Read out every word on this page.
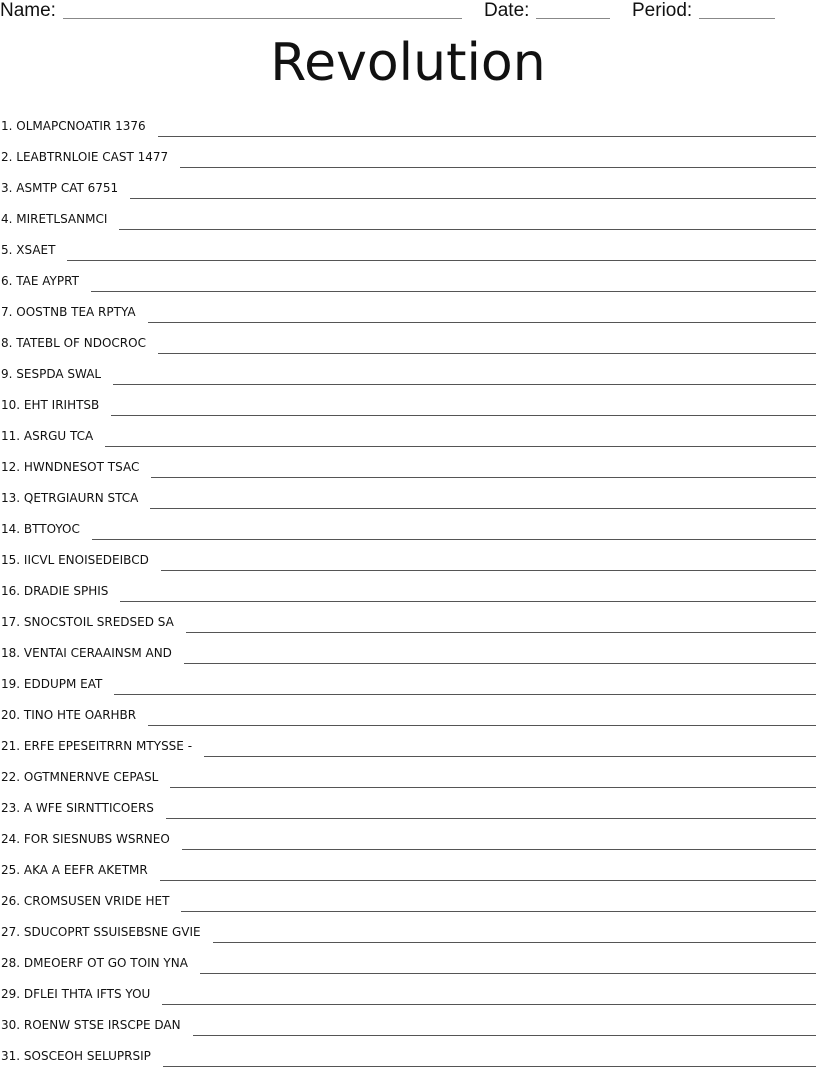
Name:	Date:	Period:
Revolution
1. OLMAPCNOATIR 1376
2. LEABTRNLOIE CAST 1477
3. ASMTP CAT 6751
4. MIRETLSANMCI
5. XSAET
6. TAE AYPRT
7. OOSTNB TEA RPTYA
8. TATEBL OF NDOCROC
9. SESPDA SWAL
10. EHT IRIHTSB
11. ASRGU TCA
12. HWNDNESOT TSAC
13. QETRGIAURN STCA
14. BTTOYOC
15. IICVL ENOISEDEIBCD
16. DRADIE SPHIS
17. SNOCSTOIL SREDSED SA
18. VENTAI CERAAINSM AND
19. EDDUPM EAT
20. TINO HTE OARHBR
21. ERFE EPESEITRRN MTYSSE -
22. OGTMNERNVE CEPASL
23. A WFE SIRNTTICOERS
24. FOR SIESNUBS WSRNEO
25. AKA A EEFR AKETMR
26. CROMSUSEN VRIDE HET
27. SDUCOPRT SSUISEBSNE GVIE
28. DMEOERF OT GO TOIN YNA
29. DFLEI THTA IFTS YOU
30. ROENW STSE IRSCPE DAN
31. SOSCEOH SELUPRSIP
